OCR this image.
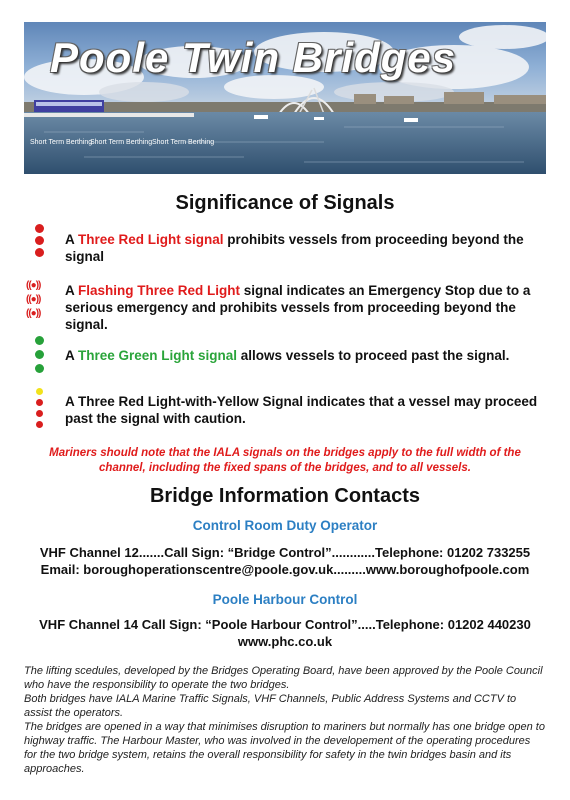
Poole Twin Bridges
Short Term Berthing
Short Term Berthing Short Term Berthing
Significance of Signals
A Three Red Light signal prohibits vessels from proceeding beyond the signal
((●))
((●))
((●))
A Flashing Three Red Light signal indicates an Emergency Stop due to a serious emergency and prohibits vessels from proceeding beyond the signal.
A Three Green Light signal allows vessels to proceed past the signal.
A Three Red Light-with-Yellow Signal indicates that a vessel may proceed past the signal with caution.
Mariners should note that the IALA signals on the bridges apply to the full width of the channel, including the fixed spans of the bridges, and to all vessels.
Bridge Information Contacts
Control Room Duty Operator
VHF Channel 12.......Call Sign: “Bridge Control”............Telephone: 01202 733255
Email: boroughoperationscentre@poole.gov.uk.........www.boroughofpoole.com
Poole Harbour Control
VHF Channel 14 Call Sign: “Poole Harbour Control”.....Telephone: 01202 440230
www.phc.co.uk

The lifting scedules, developed by the Bridges Operating Board, have been approved by the Poole Council who have the responsibility to operate the two bridges.

Both bridges have IALA Marine Traffic Signals, VHF Channels, Public Address Systems and CCTV to assist the operators.

The bridges are opened in a way that minimises disruption to mariners but normally has one bridge open to highway traffic. The Harbour Master, who was involved in the developement of the operating procedures for the two bridge system, retains the overall responsibility for safety in the twin bridges basin and its approaches.
